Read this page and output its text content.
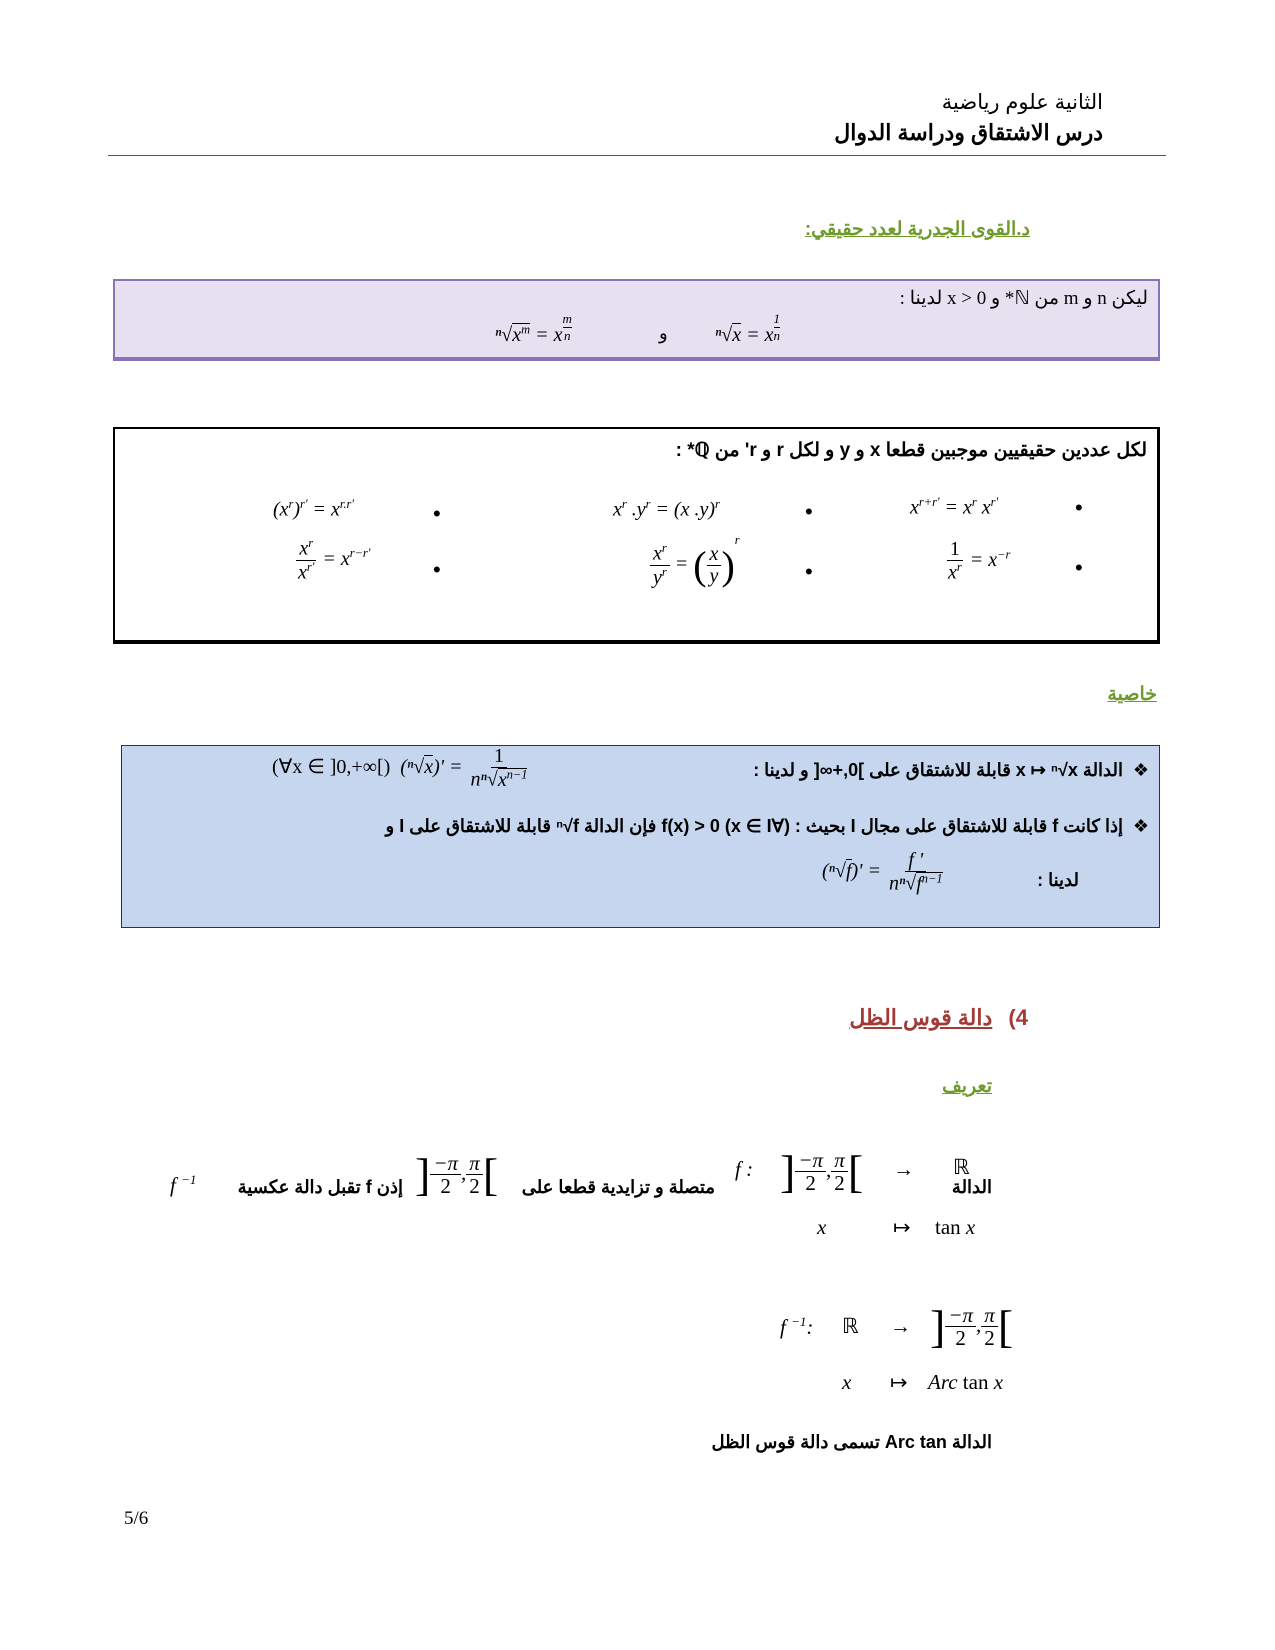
الثانية علوم رياضية
درس الاشتقاق ودراسة الدوال
د.القوى الجدرية لعدد حقيقي:
ليكن n و m من ℕ* و x > 0 لدينا :
ⁿ√x = x $^{\frac{1}{n}}$
و
$^n√x^m = x$ $^{\frac{m}{n}}$
لكل عددين حقيقيين موجبين قطعا x و y و لكل r و r' من ℚ* :
•
$x^{r+r'} = x^r$ $x^{r'}$
•
$x^r$ $.y^r = (x$ .y)$^r$
•
$(x^r)^{r'} = x^{r.r'}$
•
$\frac{1}{x^r} = x^{-r}$
•
$\frac{x^r}{y^r}$ = ( $\frac{x}{y} )^r$
•
$\frac{x^r}{x^{r'}} = x^{r-r'}$
خاصية
❖
الدالة x ↦ ⁿ√x قابلة للاشتقاق على ]0,+∞[ و لدينا :
(∀x ∈ ]0,+∞[)  $(^n√x)' = \frac{1}{n^n√x^{n-1}}$
❖
إذا كانت f قابلة للاشتقاق على مجال I بحيث : (∀x ∈ I) f(x) > 0 فإن الدالة ⁿ√f قابلة للاشتقاق على I و
لدينا :
$(^n√f)' = \frac{f '}{n^n√f^{n-1}}$
4) دالة قوس الظل
تعريف
الدالة
f : ] $\frac{-\pi}{2}$ , $\frac{\pi}{2}$ [ → ℝ
x	↦ tan x
متصلة و تزايدية قطعا على
] $\frac{-\pi}{2}$ , $\frac{\pi}{2}$ [
إذن f تقبل دالة عكسية
f $^{-1}$
f $^{-1}$: ℝ → ] $\frac{-\pi}{2}$ , $\frac{\pi}{2}$ [
x ↦ Arc tan x
الدالة Arc tan تسمى دالة قوس الظل
5/6
